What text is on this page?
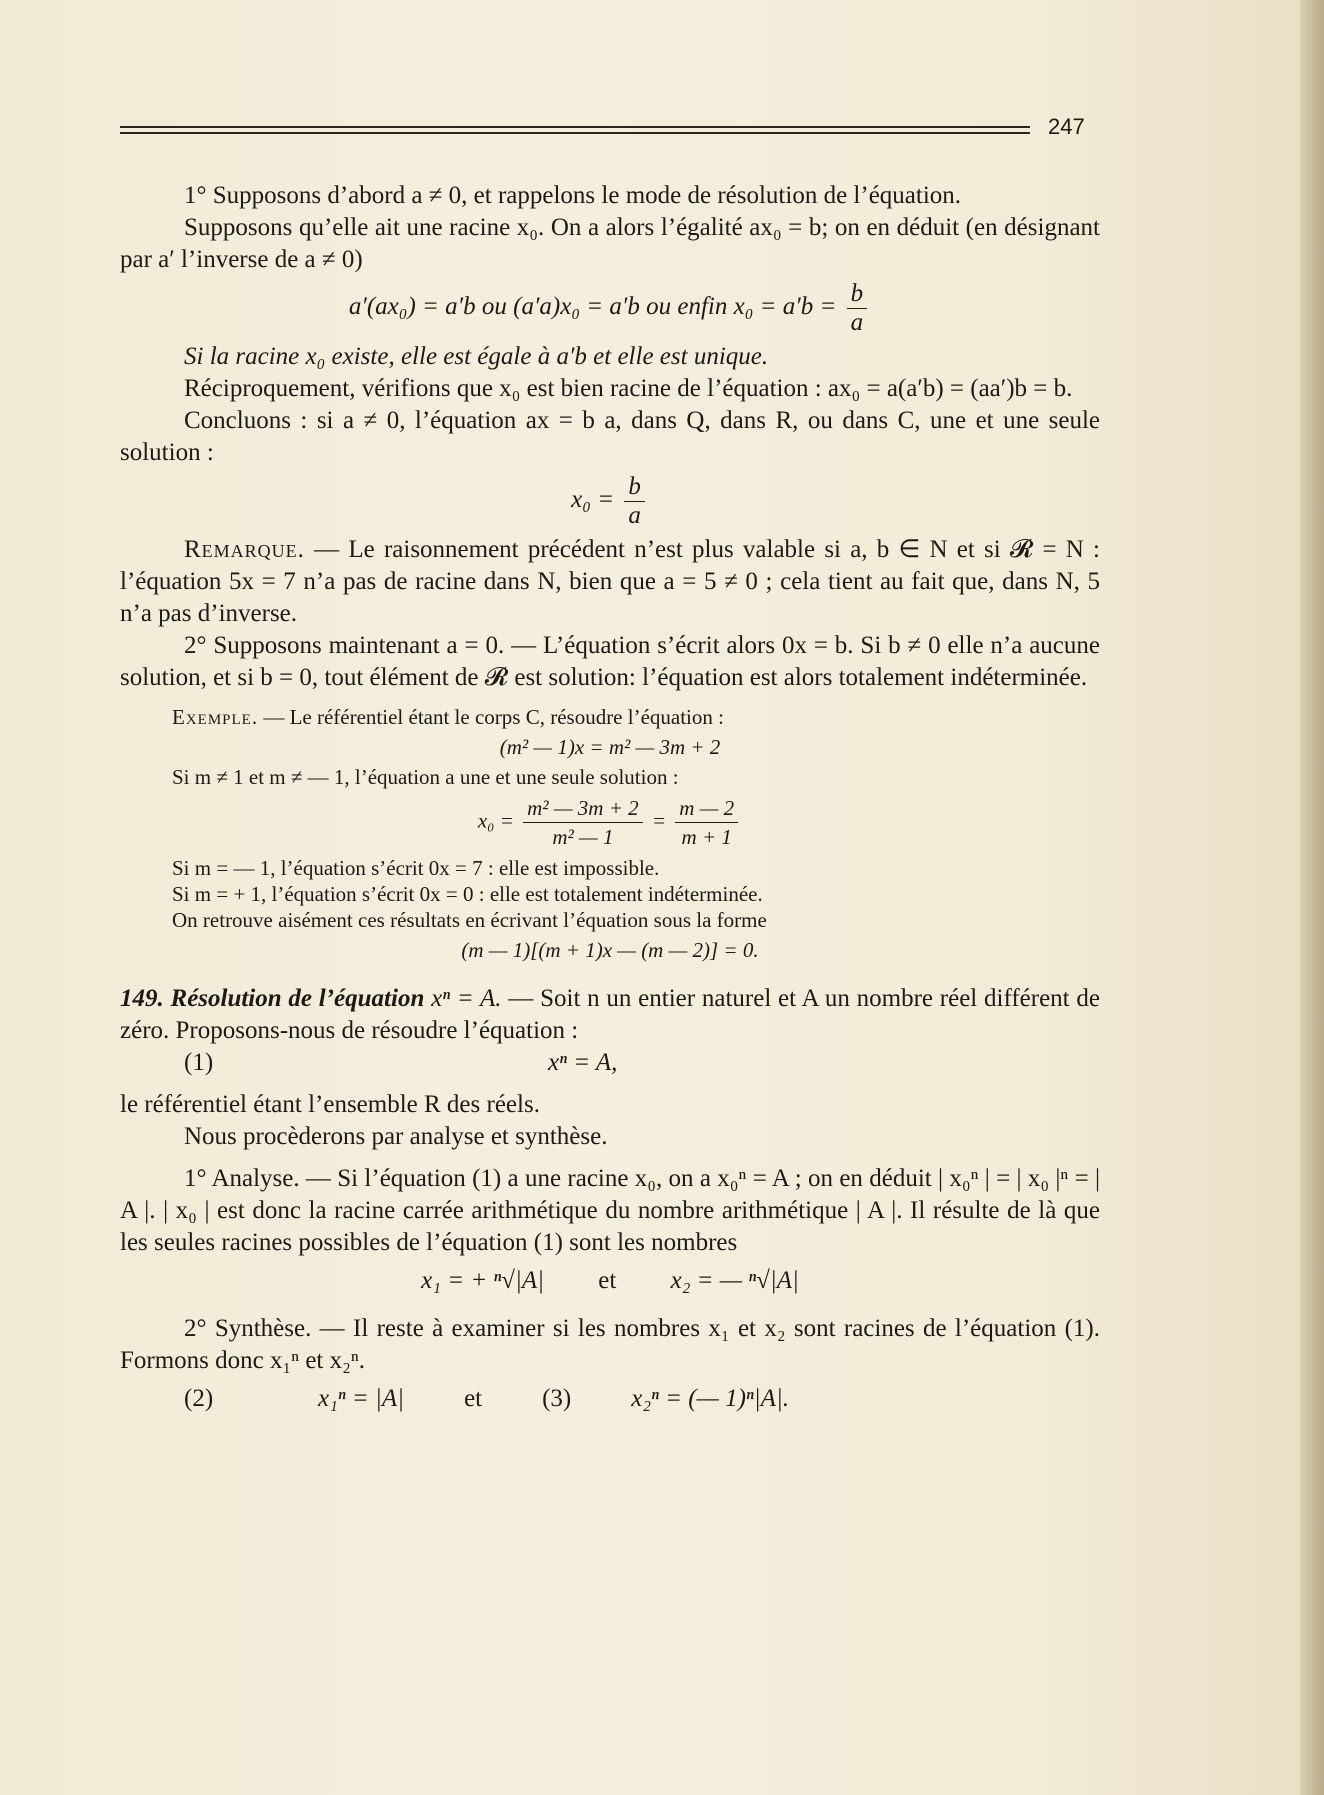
247

1° Supposons d’abord a ≠ 0, et rappelons le mode de résolution de l’équation.

Supposons qu’elle ait une racine x₀. On a alors l’égalité ax₀ = b; on en déduit (en désignant par a′ l’inverse de a ≠ 0)

a′(ax₀) = a′b ou (a′a)x₀ = a′b ou enfin $x_0 = a'b = \frac{b}{a}$

Si la racine x₀ existe, elle est égale à a′b et elle est unique.

Réciproquement, vérifions que x₀ est bien racine de l’équation : ax₀ = a(a′b) = (aa′)b = b.

Concluons : si a ≠ 0, l’équation ax = b a, dans Q, dans R, ou dans C, une et une seule solution :

$x_0 = \frac{b}{a}$

Remarque. — Le raisonnement précédent n’est plus valable si a, b ∈ N et si 𝓡 = N : l’équation 5x = 7 n’a pas de racine dans N, bien que a = 5 ≠ 0 ; cela tient au fait que, dans N, 5 n’a pas d’inverse.

2° Supposons maintenant a = 0. — L’équation s’écrit alors 0x = b. Si b ≠ 0 elle n’a aucune solution, et si b = 0, tout élément de 𝓡 est solution: l’équation est alors totalement indéterminée.

Exemple. — Le référentiel étant le corps C, résoudre l’équation :

(m² — 1)x = m² — 3m + 2

Si m ≠ 1 et m ≠ — 1, l’équation a une et une seule solution :

$x_0 = \frac{\text{m² — 3m + 2}}{\text{m² — 1}} = \frac{m — 2}{m + 1}$

Si m = — 1, l’équation s’écrit 0x = 7 : elle est impossible.

Si m = + 1, l’équation s’écrit 0x = 0 : elle est totalement indéterminée.

On retrouve aisément ces résultats en écrivant l’équation sous la forme

(m — 1)[(m + 1)x — (m — 2)] = 0.

149. Résolution de l’équation xⁿ = A. — Soit n un entier naturel et A un nombre réel différent de zéro. Proposons-nous de résoudre l’équation :

(1)	xⁿ = A,

le référentiel étant l’ensemble R des réels.

Nous procèderons par analyse et synthèse.

1° Analyse. — Si l’équation (1) a une racine x₀, on a x₀ⁿ = A ; on en déduit | x₀ⁿ | = | x₀ |ⁿ = | A |. | x₀ | est donc la racine carrée arithmétique du nombre arithmétique | A |. Il résulte de là que les seules racines possibles de l’équation (1) sont les nombres

x₁ = + ⁿ√|A| et x₂ = — ⁿ√|A|

2° Synthèse. — Il reste à examiner si les nombres x₁ et x₂ sont racines de l’équation (1). Formons donc x₁ⁿ et x₂ⁿ.

(2)	x₁ⁿ = |A| et (3) x₂ⁿ = (— 1)ⁿ|A|.
